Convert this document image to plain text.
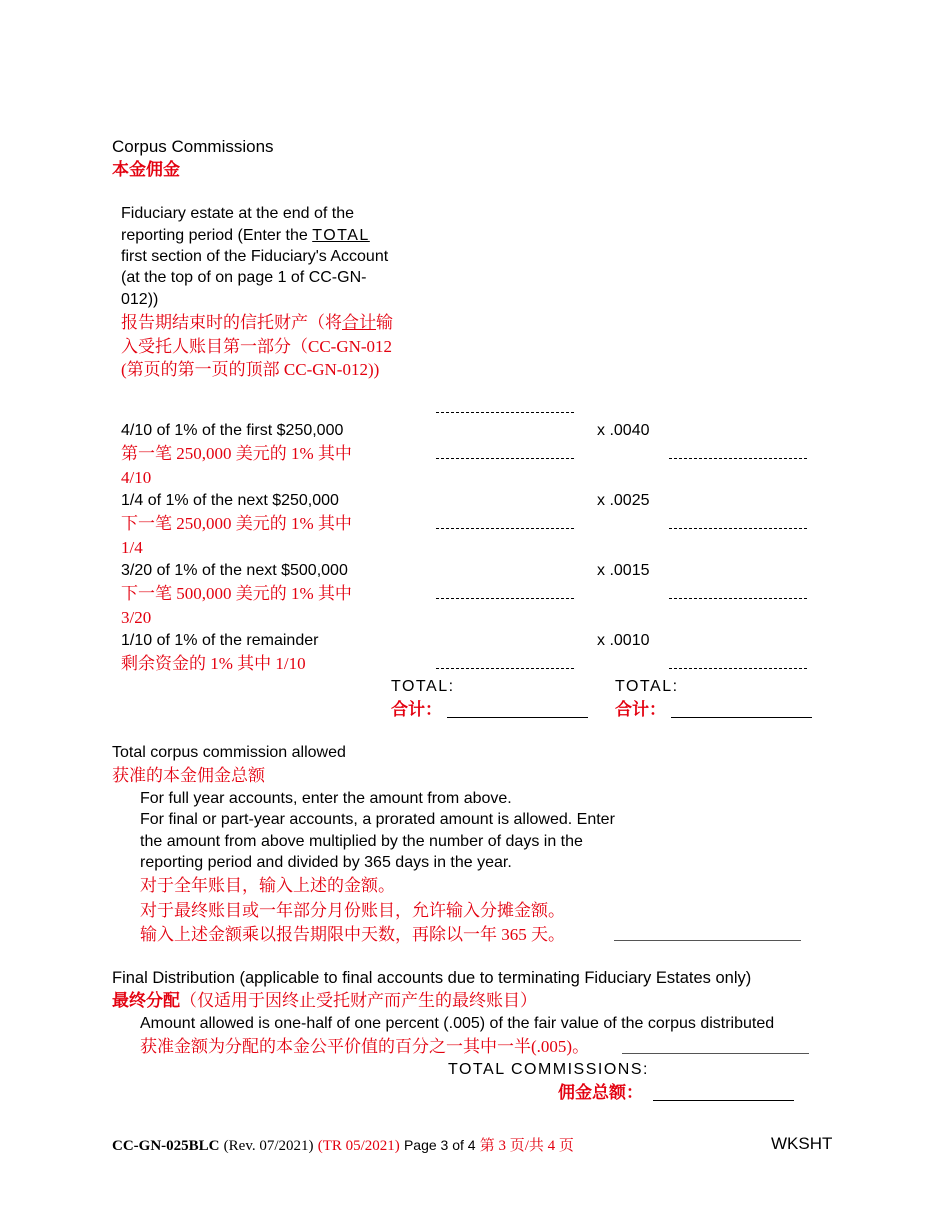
Corpus Commissions
本金佣金
Fiduciary estate at the end of the
reporting period (Enter the TOTAL
first section of the Fiduciary's Account
(at the top of on page 1 of CC-GN-
012))
报告期结束时的信托财产（将合计输
入受托人账目第一部分（CC-GN-012
(第页的第一页的顶部 CC-GN-012))
4/10 of 1% of the first $250,000
第一笔 250,000 美元的 1% 其中
4/10
x .0040
1/4 of 1% of the next $250,000
下一笔 250,000 美元的 1% 其中
1/4
x .0025
3/20 of 1% of the next $500,000
下一笔 500,000 美元的 1% 其中
3/20
x .0015
1/10 of 1% of the remainder
剩余资金的 1% 其中 1/10
x .0010
TOTAL:	TOTAL:
合计：	合计：
Total corpus commission allowed
获准的本金佣金总额
For full year accounts, enter the amount from above.
For final or part-year accounts, a prorated amount is allowed. Enter
the amount from above multiplied by the number of days in the
reporting period and divided by 365 days in the year.
对于全年账目，输入上述的金额。
对于最终账目或一年部分月份账目，允许输入分摊金额。
输入上述金额乘以报告期限中天数，再除以一年 365 天。
Final Distribution (applicable to final accounts due to terminating Fiduciary Estates only)
最终分配（仅适用于因终止受托财产而产生的最终账目）
Amount allowed is one-half of one percent (.005) of the fair value of the corpus distributed
获准金额为分配的本金公平价值的百分之一其中一半(.005)。
TOTAL COMMISSIONS:
佣金总额：
CC-GN-025BLC (Rev. 07/2021) (TR 05/2021) Page 3 of 4 第 3 页/共 4 页	WKSHT
